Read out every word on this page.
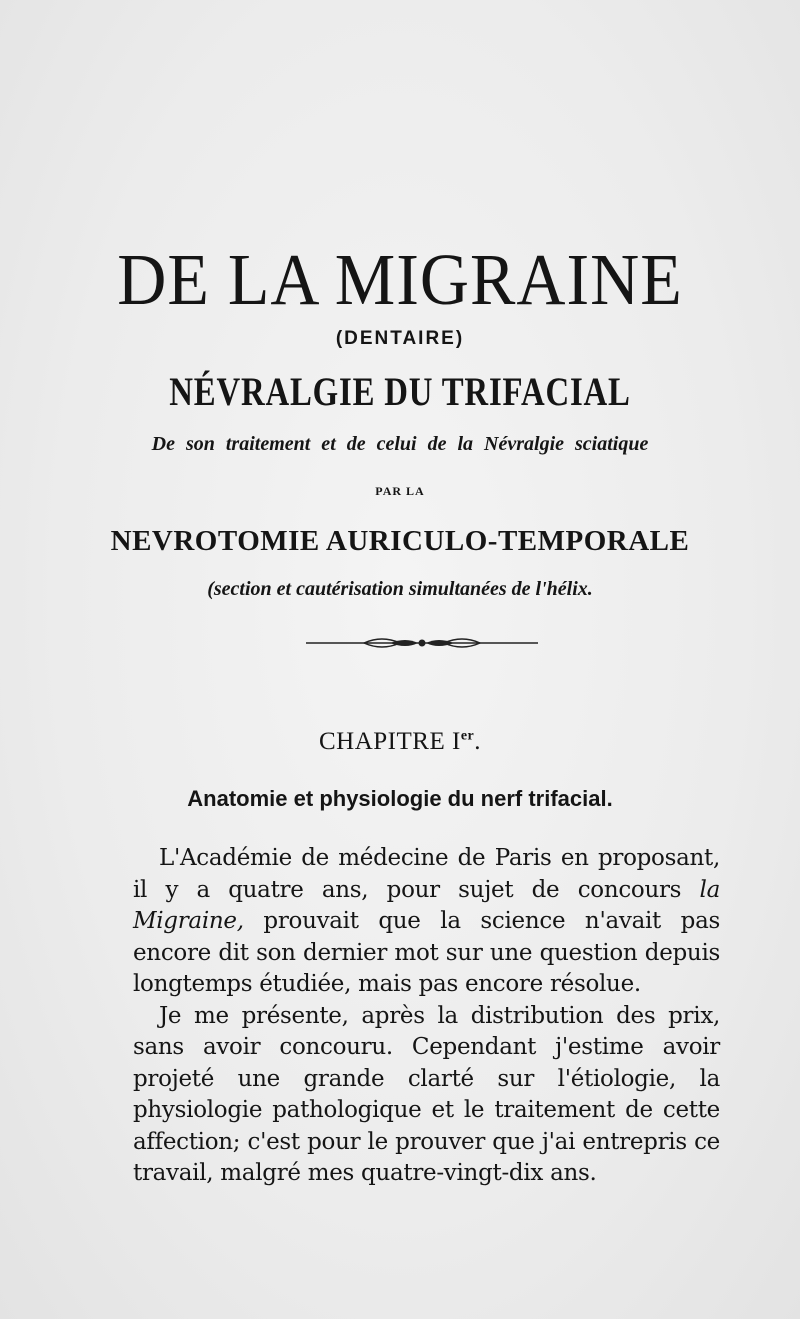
DE LA MIGRAINE
(DENTAIRE)
NÉVRALGIE DU TRIFACIAL
De son traitement et de celui de la Névralgie sciatique
PAR LA
NEVROTOMIE AURICULO-TEMPORALE
(section et cautérisation simultanées de l'hélix.
CHAPITRE Ier.
Anatomie et physiologie du nerf trifacial.

L'Académie de médecine de Paris en proposant, il y a quatre ans, pour sujet de concours la Migraine, prouvait que la science n'avait pas encore dit son dernier mot sur une question depuis longtemps étudiée, mais pas encore résolue.

Je me présente, après la distribution des prix, sans avoir concouru. Cependant j'estime avoir projeté une grande clarté sur l'étiologie, la physiologie pathologique et le traitement de cette affection; c'est pour le prouver que j'ai entrepris ce travail, malgré mes quatre-vingt-dix ans.
